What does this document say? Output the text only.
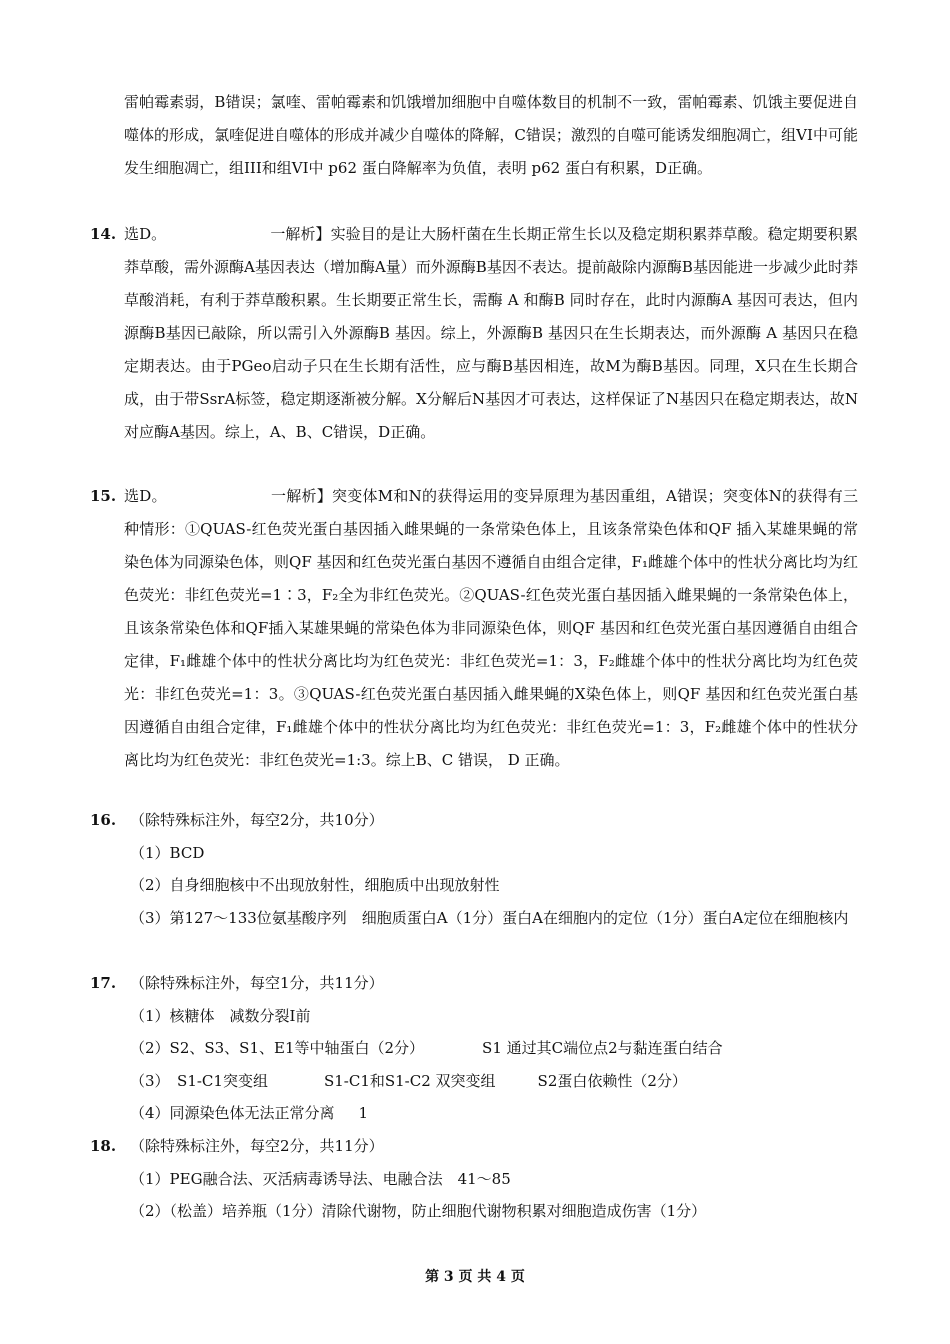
雷帕霉素弱，B错误；氯喹、雷帕霉素和饥饿增加细胞中自噬体数目的机制不一致，雷帕霉素、饥饿主要促进自噬体的形成，氯喹促进自噬体的形成并减少自噬体的降解，C错误；激烈的自噬可能诱发细胞凋亡，组VI中可能发生细胞凋亡，组III和组VI中 p62 蛋白降解率为负值，表明 p62 蛋白有积累，D正确。

14. 选D。	一解析】实验目的是让大肠杆菌在生长期正常生长以及稳定期积累莽草酸。稳定期要积累莽草酸，需外源酶A基因表达（增加酶A量）而外源酶B基因不表达。提前敲除内源酶B基因能进一步减少此时莽草酸消耗，有利于莽草酸积累。生长期要正常生长，需酶 A 和酶B 同时存在，此时内源酶A 基因可表达，但内源酶B基因已敲除，所以需引入外源酶B 基因。综上，外源酶B 基因只在生长期表达，而外源酶 A 基因只在稳定期表达。由于PGeo启动子只在生长期有活性，应与酶B基因相连，故M为酶B基因。同理，X只在生长期合成，由于带SsrA标签，稳定期逐渐被分解。X分解后N基因才可表达，这样保证了N基因只在稳定期表达，故N对应酶A基因。综上，A、B、C错误，D正确。

15. 选D。	一解析】突变体M和N的获得运用的变异原理为基因重组，A错误；突变体N的获得有三种情形：①QUAS-红色荧光蛋白基因插入雌果蝇的一条常染色体上，且该条常染色体和QF 插入某雄果蝇的常染色体为同源染色体，则QF 基因和红色荧光蛋白基因不遵循自由组合定律，F₁雌雄个体中的性状分离比均为红色荧光：非红色荧光=1∶3，F₂全为非红色荧光。②QUAS-红色荧光蛋白基因插入雌果蝇的一条常染色体上，且该条常染色体和QF插入某雄果蝇的常染色体为非同源染色体，则QF 基因和红色荧光蛋白基因遵循自由组合定律，F₁雌雄个体中的性状分离比均为红色荧光：非红色荧光=1：3，F₂雌雄个体中的性状分离比均为红色荧光：非红色荧光=1：3。③QUAS-红色荧光蛋白基因插入雌果蝇的X染色体上，则QF 基因和红色荧光蛋白基因遵循自由组合定律，F₁雌雄个体中的性状分离比均为红色荧光：非红色荧光=1：3，F₂雌雄个体中的性状分离比均为红色荧光：非红色荧光=1:3。综上B、C 错误， D 正确。

16. （除特殊标注外，每空2分，共10分）
（1）BCD
（2）自身细胞核中不出现放射性，细胞质中出现放射性

（3）第127～133位氨基酸序列　细胞质蛋白A（1分）蛋白A在细胞内的定位（1分）蛋白A定位在细胞核内

17. （除特殊标注外，每空1分，共11分）
（1）核糖体　减数分裂I前
（2）S2、S3、S1、E1等中轴蛋白（2分）	S1 通过其C端位点2与黏连蛋白结合
（3）　S1-C1突变组	S1-C1和S1-C2 双突变组	S2蛋白依赖性（2分）
（4）同源染色体无法正常分离 1
18. （除特殊标注外，每空2分，共11分）
（1）PEG融合法、灭活病毒诱导法、电融合法　41～85
（2）（松盖）培养瓶（1分）清除代谢物，防止细胞代谢物积累对细胞造成伤害（1分）
第 3 页 共 4 页
